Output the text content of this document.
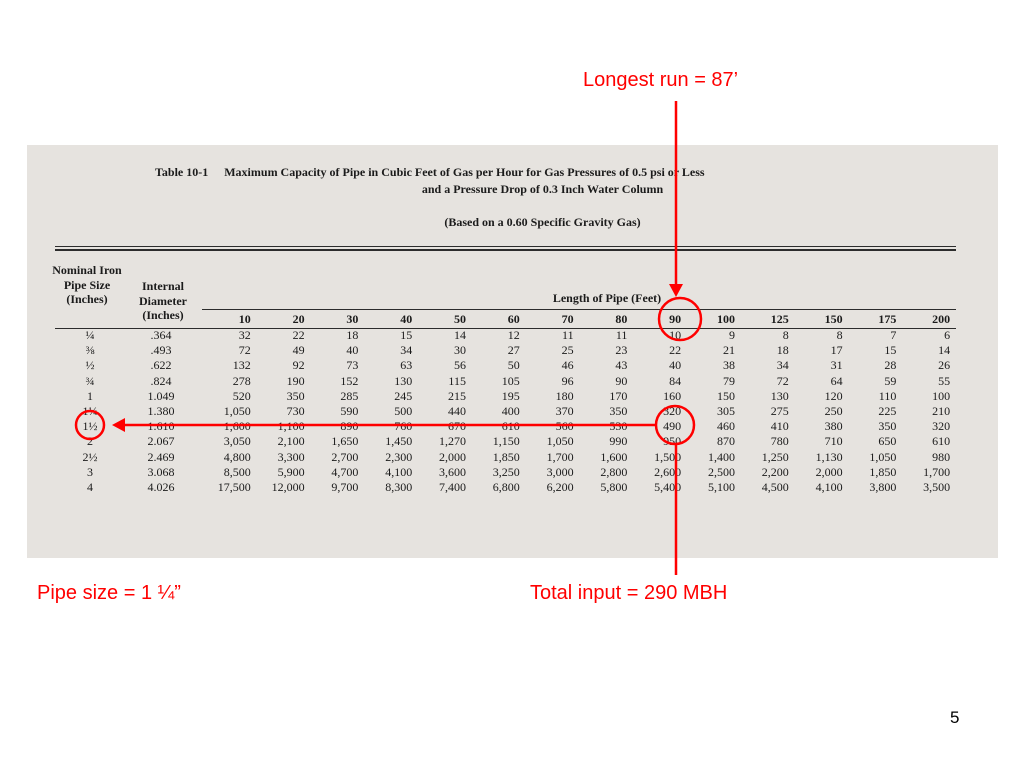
Longest run = 87’
Table 10-1 Maximum Capacity of Pipe in Cubic Feet of Gas per Hour for Gas Pressures of 0.5 psi or Less
and a Pressure Drop of 0.3 Inch Water Column
(Based on a 0.60 Specific Gravity Gas)
Nominal Iron Pipe Size (Inches)
Internal Diameter (Inches)
Length of Pipe (Feet)
		10	20	30	40	50	60	70	80	90	100	125	150	175	200
¼	.364	32	22	18	15	14	12	11	11	10	9	8	8	7	6
⅜	.493	72	49	40	34	30	27	25	23	22	21	18	17	15	14
½	.622	132	92	73	63	56	50	46	43	40	38	34	31	28	26
¾	.824	278	190	152	130	115	105	96	90	84	79	72	64	59	55
1	1.049	520	350	285	245	215	195	180	170	160	150	130	120	110	100
1¼	1.380	1,050	730	590	500	440	400	370	350	320	305	275	250	225	210
1½	1.610	1,600	1,100	890	760	670	610	560	530	490	460	410	380	350	320
2	2.067	3,050	2,100	1,650	1,450	1,270	1,150	1,050	990	950	870	780	710	650	610
2½	2.469	4,800	3,300	2,700	2,300	2,000	1,850	1,700	1,600	1,500	1,400	1,250	1,130	1,050	980
3	3.068	8,500	5,900	4,700	4,100	3,600	3,250	3,000	2,800	2,600	2,500	2,200	2,000	1,850	1,700
4	4.026	17,500	12,000	9,700	8,300	7,400	6,800	6,200	5,800	5,400	5,100	4,500	4,100	3,800	3,500
Pipe size = 1 ¼”	Total input = 290 MBH
5
